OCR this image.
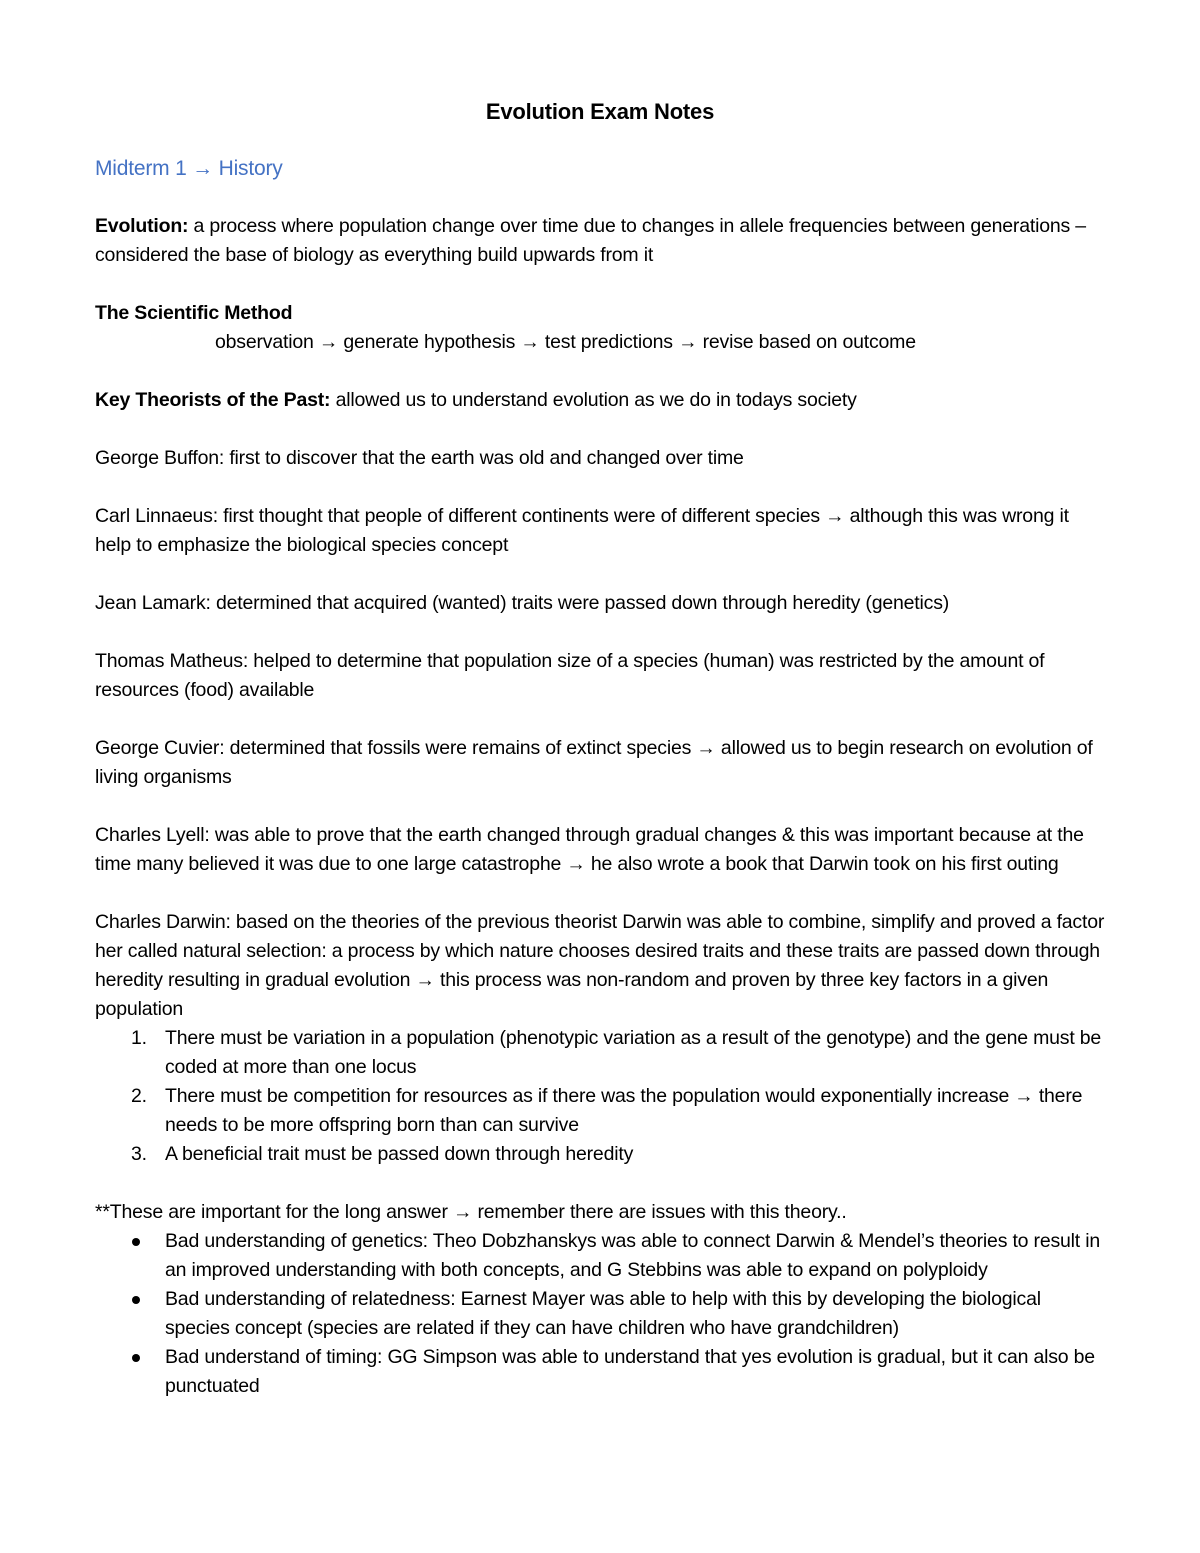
Evolution Exam Notes
Midterm 1 → History

Evolution: a process where population change over time due to changes in allele frequencies between generations – considered the base of biology as everything build upwards from it

The Scientific Method

observation → generate hypothesis → test predictions → revise based on outcome

Key Theorists of the Past: allowed us to understand evolution as we do in todays society

George Buffon: first to discover that the earth was old and changed over time

Carl Linnaeus: first thought that people of different continents were of different species → although this was wrong it help to emphasize the biological species concept

Jean Lamark: determined that acquired (wanted) traits were passed down through heredity (genetics)

Thomas Matheus: helped to determine that population size of a species (human) was restricted by the amount of resources (food) available

George Cuvier: determined that fossils were remains of extinct species → allowed us to begin research on evolution of living organisms

Charles Lyell: was able to prove that the earth changed through gradual changes & this was important because at the time many believed it was due to one large catastrophe → he also wrote a book that Darwin took on his first outing

Charles Darwin: based on the theories of the previous theorist Darwin was able to combine, simplify and proved a factor her called natural selection: a process by which nature chooses desired traits and these traits are passed down through heredity resulting in gradual evolution → this process was non-random and proven by three key factors in a given population

1. There must be variation in a population (phenotypic variation as a result of the genotype) and the gene must be coded at more than one locus
2. There must be competition for resources as if there was the population would exponentially increase → there needs to be more offspring born than can survive
3. A beneficial trait must be passed down through heredity

**These are important for the long answer → remember there are issues with this theory..

Bad understanding of genetics: Theo Dobzhanskys was able to connect Darwin & Mendel’s theories to result in an improved understanding with both concepts, and G Stebbins was able to expand on polyploidy
Bad understanding of relatedness: Earnest Mayer was able to help with this by developing the biological species concept (species are related if they can have children who have grandchildren)
Bad understand of timing: GG Simpson was able to understand that yes evolution is gradual, but it can also be punctuated
